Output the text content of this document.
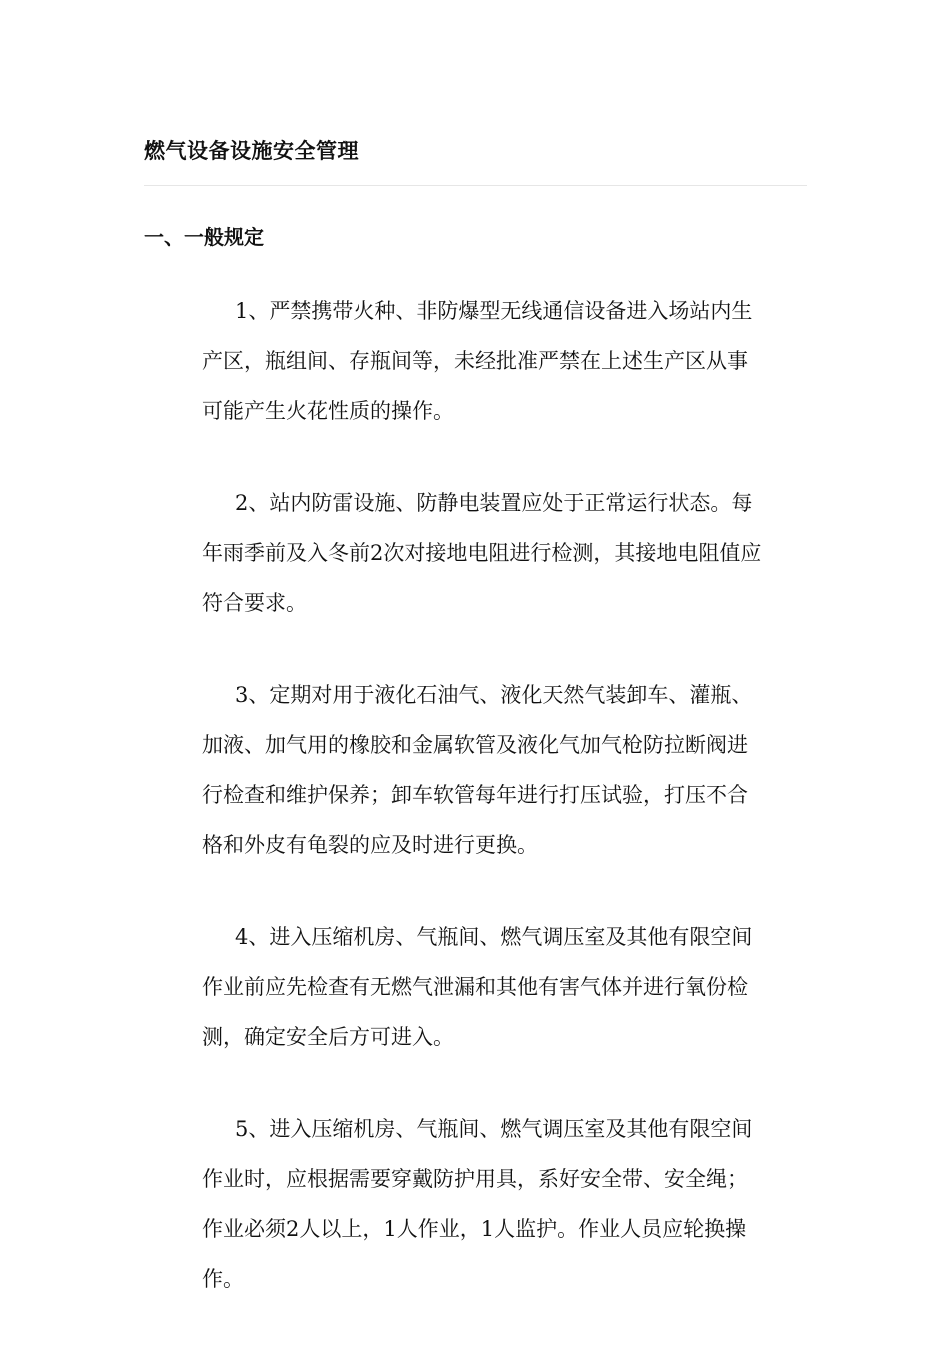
燃气设备设施安全管理
一、一般规定

1、严禁携带火种、非防爆型无线通信设备进入场站内生产区，瓶组间、存瓶间等，未经批准严禁在上述生产区从事可能产生火花性质的操作。

2、站内防雷设施、防静电装置应处于正常运行状态。每年雨季前及入冬前2次对接地电阻进行检测，其接地电阻值应符合要求。

3、定期对用于液化石油气、液化天然气装卸车、灌瓶、加液、加气用的橡胶和金属软管及液化气加气枪防拉断阀进行检查和维护保养；卸车软管每年进行打压试验，打压不合格和外皮有龟裂的应及时进行更换。

4、进入压缩机房、气瓶间、燃气调压室及其他有限空间作业前应先检查有无燃气泄漏和其他有害气体并进行氧份检测，确定安全后方可进入。

5、进入压缩机房、气瓶间、燃气调压室及其他有限空间作业时，应根据需要穿戴防护用具，系好安全带、安全绳；作业必须2人以上，1人作业，1人监护。作业人员应轮换操作。
